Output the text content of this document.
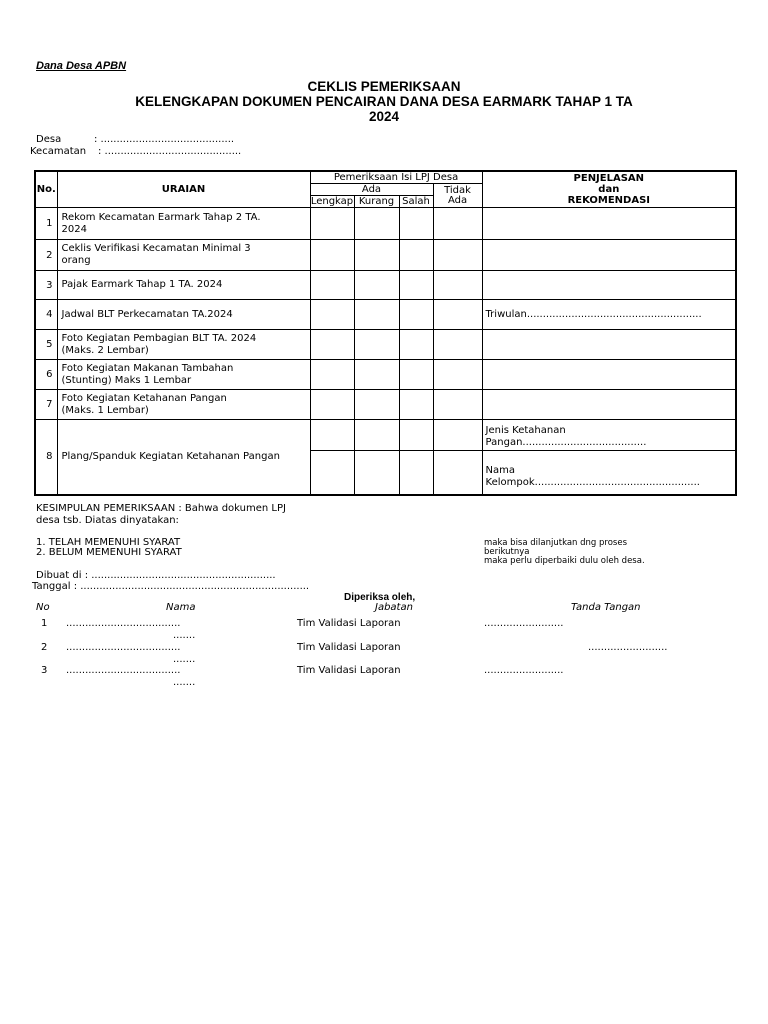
Dana Desa APBN
CEKLIS PEMERIKSAAN
KELENGKAPAN DOKUMEN PENCAIRAN DANA DESA EARMARK TAHAP 1 TA
2024
Desa	: ..........................................
Kecamatan : ...........................................
No.	URAIAN	Pemeriksaan Isi LPJ Desa				PENJELASAN
dan
REKOMENDASI

		Ada			Tidak
Ada	

		Lengkap	Kurang	Salah		
1	Rekom Kecamatan Earmark Tahap 2 TA.
2024					

2	Ceklis Verifikasi Kecamatan Minimal 3
orang					

3	Pajak Earmark Tahap 1 TA. 2024					

4	Jadwal BLT Perkecamatan TA.2024					Triwulan.......................................................
5	Foto Kegiatan Pembagian BLT TA. 2024
(Maks. 2 Lembar)					

6	Foto Kegiatan Makanan Tambahan
(Stunting) Maks 1 Lembar					

7	Foto Kegiatan Ketahanan Pangan
(Maks. 1 Lembar)					

8	Plang/Spanduk Kegiatan Ketahanan Pangan					Jenis Ketahanan
Pangan.......................................

						Nama
Kelompok....................................................
KESIMPULAN PEMERIKSAAN : Bahwa dokumen LPJ
desa tsb. Diatas dinyatakan:
1. TELAH MEMENUHI SYARAT
2. BELUM MEMENUHI SYARAT
maka bisa dilanjutkan dng proses
berikutnya
maka perlu diperbaiki dulu oleh desa.
Dibuat di : ..........................................................
Tanggal : ........................................................................
Diperiksa oleh,
No	Nama	Jabatan	Tanda Tangan
1 ....................................
.......
Tim Validasi Laporan	.........................
2 ....................................
.......
Tim Validasi Laporan	.........................
3 ....................................
.......
Tim Validasi Laporan	.........................
